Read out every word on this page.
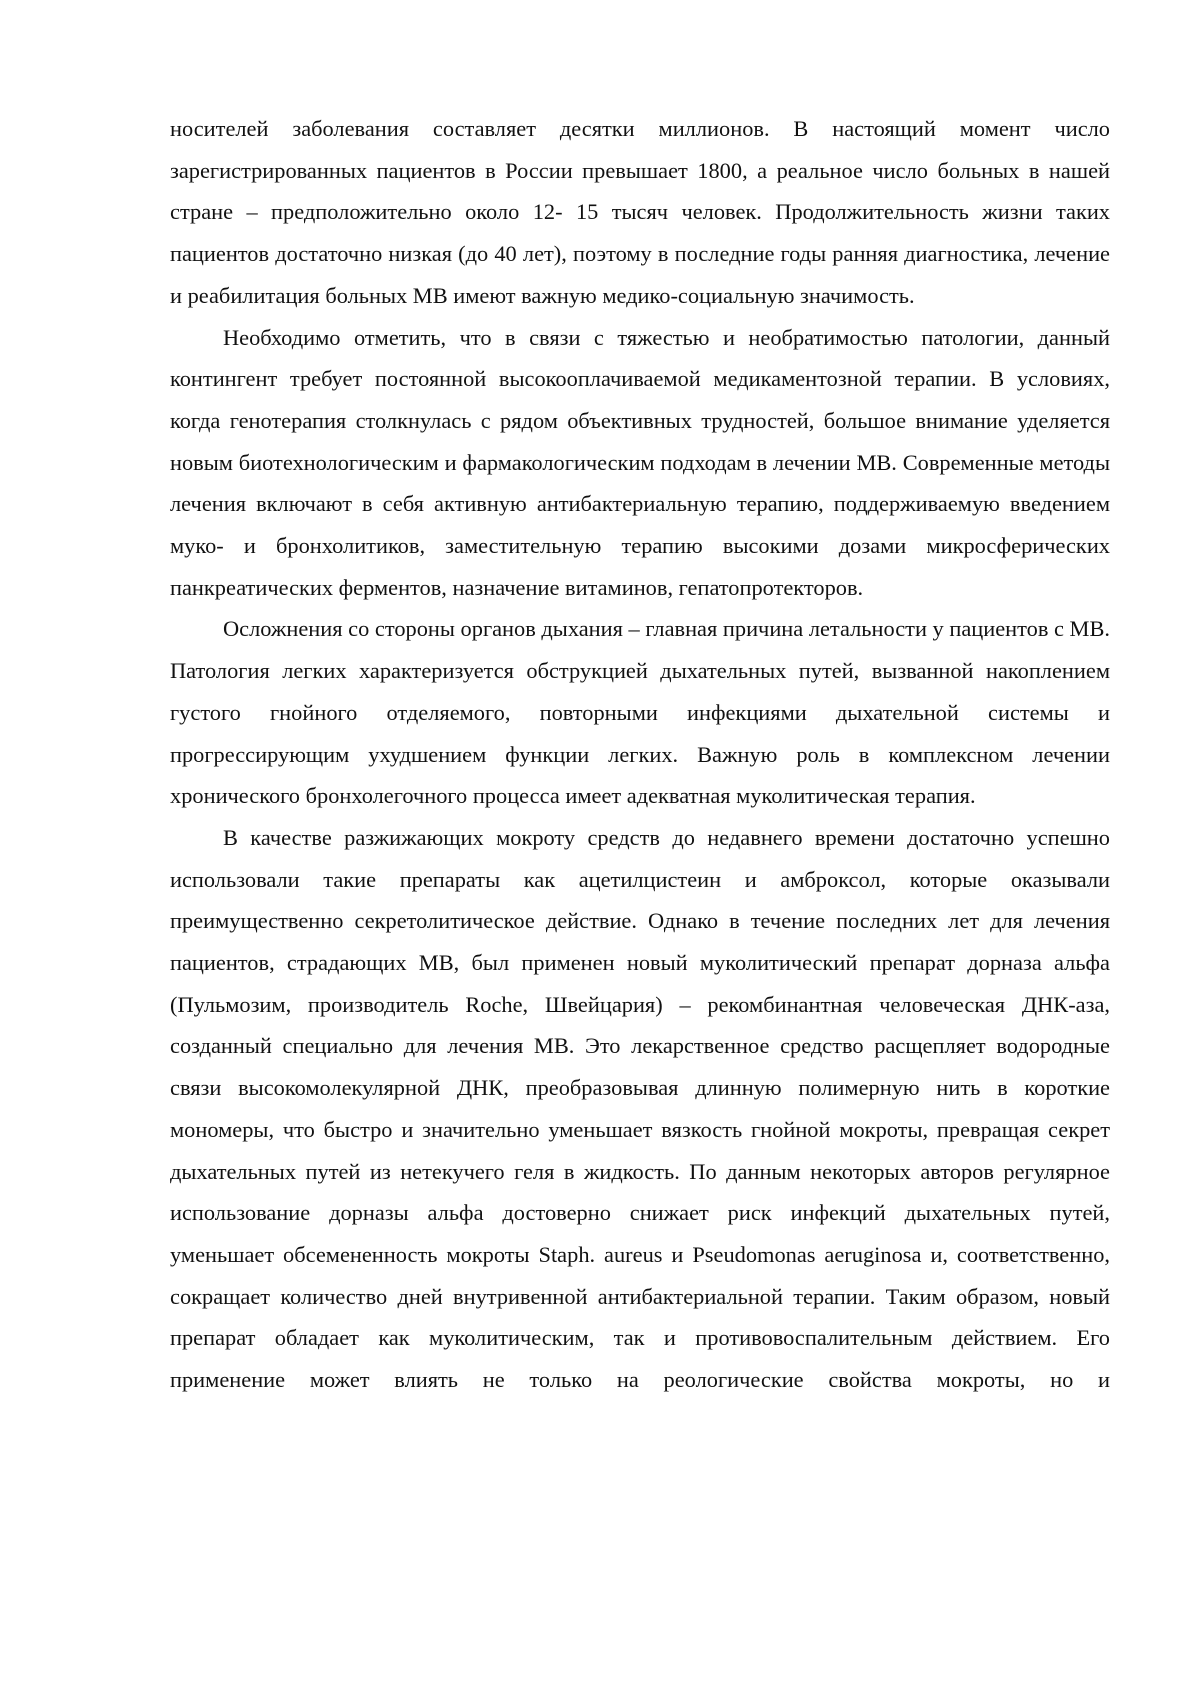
носителей заболевания составляет десятки миллионов. В настоящий момент число зарегистрированных пациентов в России превышает 1800, а реальное число больных в нашей стране – предположительно около 12- 15 тысяч человек. Продолжительность жизни таких пациентов достаточно низкая (до 40 лет), поэтому в последние годы ранняя диагностика, лечение и реабилитация больных МВ имеют важную медико-социальную значимость.

Необходимо отметить, что в связи с тяжестью и необратимостью патологии, данный контингент требует постоянной высокооплачиваемой медикаментозной терапии. В условиях, когда генотерапия столкнулась с рядом объективных трудностей, большое внимание уделяется новым биотехнологическим и фармакологическим подходам в лечении МВ. Современные методы лечения включают в себя активную антибактериальную терапию, поддерживаемую введением муко- и бронхолитиков, заместительную терапию высокими дозами микросферических панкреатических ферментов, назначение витаминов, гепатопротекторов.

Осложнения со стороны органов дыхания – главная причина летальности у пациентов с МВ. Патология легких характеризуется обструкцией дыхательных путей, вызванной накоплением густого гнойного отделяемого, повторными инфекциями дыхательной системы и прогрессирующим ухудшением функции легких. Важную роль в комплексном лечении хронического бронхолегочного процесса имеет адекватная муколитическая терапия.

В качестве разжижающих мокроту средств до недавнего времени достаточно успешно использовали такие препараты как ацетилцистеин и амброксол, которые оказывали преимущественно секретолитическое действие. Однако в течение последних лет для лечения пациентов, страдающих МВ, был применен новый муколитический препарат дорназа альфа (Пульмозим, производитель Roche, Швейцария) – рекомбинантная человеческая ДНК-аза, созданный специально для лечения МВ. Это лекарственное средство расщепляет водородные связи высокомолекулярной ДНК, преобразовывая длинную полимерную нить в короткие мономеры, что быстро и значительно уменьшает вязкость гнойной мокроты, превращая секрет дыхательных путей из нетекучего геля в жидкость. По данным некоторых авторов регулярное использование дорназы альфа достоверно снижает риск инфекций дыхательных путей, уменьшает обсемененность мокроты Staph. aureus и Pseudomonas aeruginosa и, соответственно, сокращает количество дней внутривенной антибактериальной терапии. Таким образом, новый препарат обладает как муколитическим, так и противовоспалительным действием. Его применение может влиять не только на реологические свойства мокроты, но и
